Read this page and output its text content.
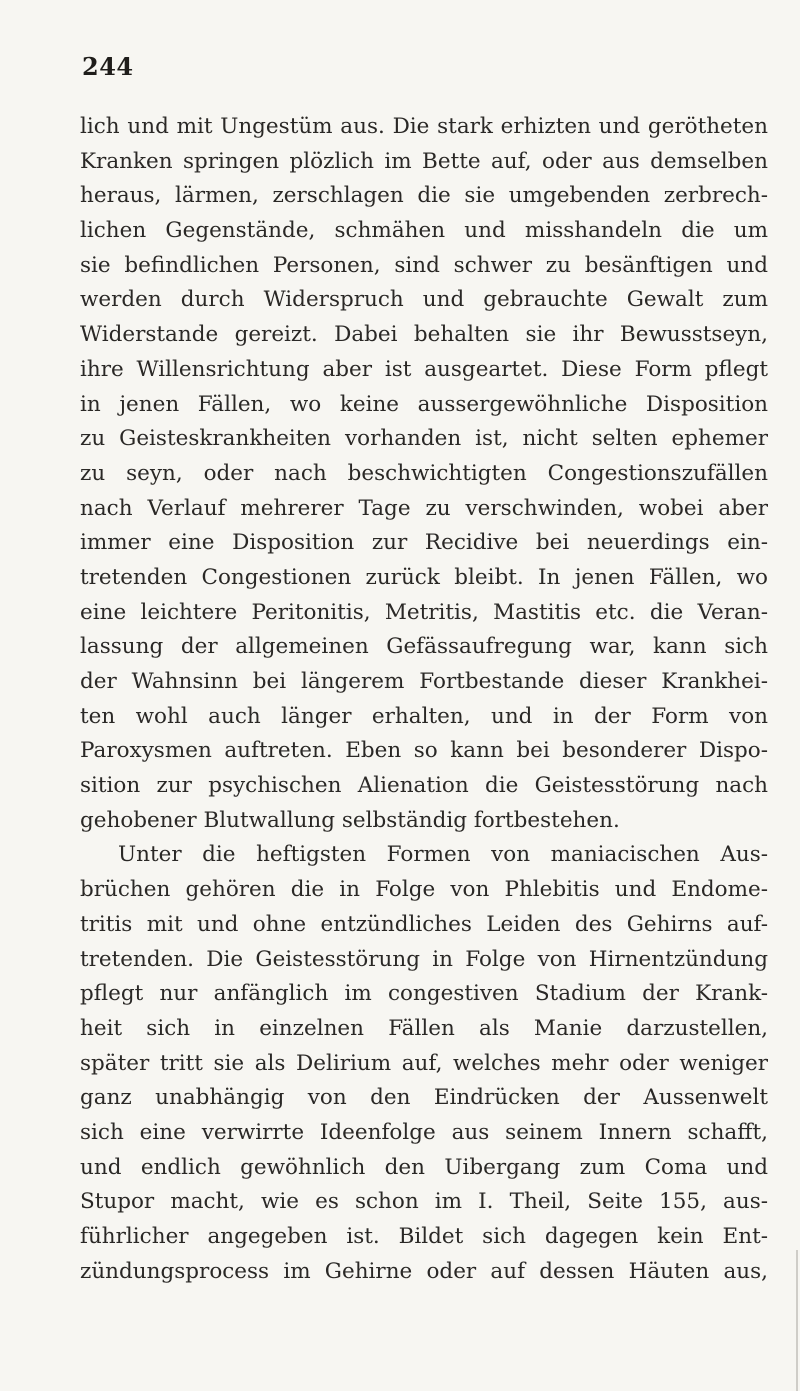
244
lich und mit Ungestüm aus. Die stark erhizten und gerötheten
Kranken springen plözlich im Bette auf, oder aus demselben
heraus, lärmen, zerschlagen die sie umgebenden zerbrech-
lichen Gegenstände, schmähen und misshandeln die um
sie befindlichen Personen, sind schwer zu besänftigen und
werden durch Widerspruch und gebrauchte Gewalt zum
Widerstande gereizt. Dabei behalten sie ihr Bewusstseyn,
ihre Willensrichtung aber ist ausgeartet. Diese Form pflegt
in jenen Fällen, wo keine aussergewöhnliche Disposition
zu Geisteskrankheiten vorhanden ist, nicht selten ephemer
zu seyn, oder nach beschwichtigten Congestionszufällen
nach Verlauf mehrerer Tage zu verschwinden, wobei aber
immer eine Disposition zur Recidive bei neuerdings ein-
tretenden Congestionen zurück bleibt. In jenen Fällen, wo
eine leichtere Peritonitis, Metritis, Mastitis etc. die Veran-
lassung der allgemeinen Gefässaufregung war, kann sich
der Wahnsinn bei längerem Fortbestande dieser Krankhei-
ten wohl auch länger erhalten, und in der Form von
Paroxysmen auftreten. Eben so kann bei besonderer Dispo-
sition zur psychischen Alienation die Geistesstörung nach
gehobener Blutwallung selbständig fortbestehen.
Unter die heftigsten Formen von maniacischen Aus-
brüchen gehören die in Folge von Phlebitis und Endome-
tritis mit und ohne entzündliches Leiden des Gehirns auf-
tretenden. Die Geistesstörung in Folge von Hirnentzündung
pflegt nur anfänglich im congestiven Stadium der Krank-
heit sich in einzelnen Fällen als Manie darzustellen,
später tritt sie als Delirium auf, welches mehr oder weniger
ganz unabhängig von den Eindrücken der Aussenwelt
sich eine verwirrte Ideenfolge aus seinem Innern schafft,
und endlich gewöhnlich den Uibergang zum Coma und
Stupor macht, wie es schon im I. Theil, Seite 155, aus-
führlicher angegeben ist. Bildet sich dagegen kein Ent-
zündungsprocess im Gehirne oder auf dessen Häuten aus,
